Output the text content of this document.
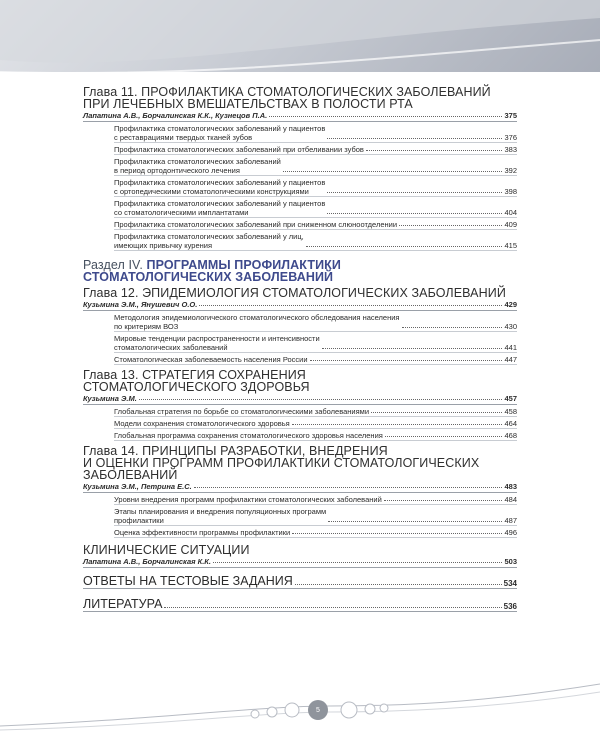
Глава 11. ПРОФИЛАКТИКА СТОМАТОЛОГИЧЕСКИХ ЗАБОЛЕВАНИЙ
ПРИ ЛЕЧЕБНЫХ ВМЕШАТЕЛЬСТВАХ В ПОЛОСТИ РТА
Лапатина А.В., Борчалинская К.К., Кузнецов П.А.	375
Профилактика стоматологических заболеваний у пациентов
с реставрациями твердых тканей зубов	376
Профилактика стоматологических заболеваний при отбеливании зубов	383
Профилактика стоматологических заболеваний
в период ортодонтического лечения	392
Профилактика стоматологических заболеваний у пациентов
с ортопедическими стоматологическими конструкциями	398
Профилактика стоматологических заболеваний у пациентов
со стоматологическими имплантатами	404
Профилактика стоматологических заболеваний при сниженном слюноотделении	409
Профилактика стоматологических заболеваний у лиц,
имеющих привычку курения	415
Раздел IV. ПРОГРАММЫ ПРОФИЛАКТИКИ
СТОМАТОЛОГИЧЕСКИХ ЗАБОЛЕВАНИЙ
Глава 12. ЭПИДЕМИОЛОГИЯ СТОМАТОЛОГИЧЕСКИХ ЗАБОЛЕВАНИЙ
Кузьмина Э.М., Янушевич О.О.	429
Методология эпидемиологического стоматологического обследования населения
по критериям ВОЗ	430
Мировые тенденции распространенности и интенсивности
стоматологических заболеваний	441
Стоматологическая заболеваемость населения России	447
Глава 13. СТРАТЕГИЯ СОХРАНЕНИЯ
СТОМАТОЛОГИЧЕСКОГО ЗДОРОВЬЯ
Кузьмина Э.М.	457
Глобальная стратегия по борьбе со стоматологическими заболеваниями	458
Модели сохранения стоматологического здоровья	464
Глобальная программа сохранения стоматологического здоровья населения	468
Глава 14. ПРИНЦИПЫ РАЗРАБОТКИ, ВНЕДРЕНИЯ
И ОЦЕНКИ ПРОГРАММ ПРОФИЛАКТИКИ СТОМАТОЛОГИЧЕСКИХ
ЗАБОЛЕВАНИЙ
Кузьмина Э.М., Петрина Е.С.	483
Уровни внедрения программ профилактики стоматологических заболеваний	484
Этапы планирования и внедрения популяционных программ
профилактики	487
Оценка эффективности программы профилактики	496
КЛИНИЧЕСКИЕ СИТУАЦИИ
Лапатина А.В., Борчалинская К.К.	503
ОТВЕТЫ НА ТЕСТОВЫЕ ЗАДАНИЯ	534
ЛИТЕРАТУРА	536
5
